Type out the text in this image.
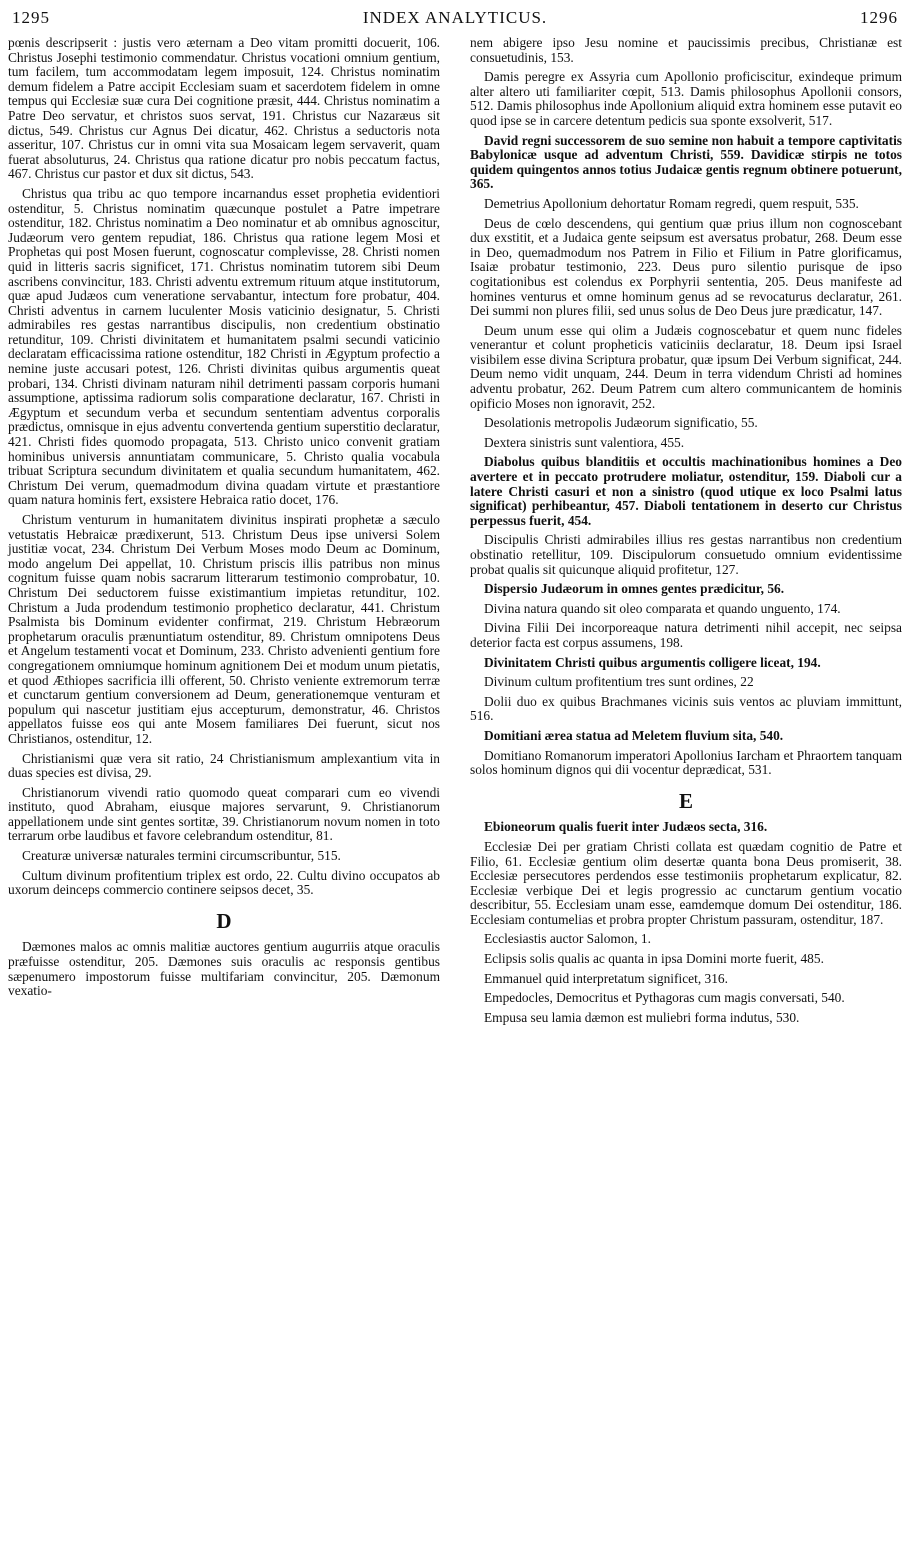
1295	INDEX ANALYTICUS.	1296

pœnis descripserit : justis vero æternam a Deo vitam promitti docuerit, 106. Christus Josephi testimonio commendatur. Christus vocationi omnium gentium, tum facilem, tum accommodatam legem imposuit, 124. Christus nominatim demum fidelem a Patre accipit Ecclesiam suam et sacerdotem fidelem in omne tempus qui Ecclesiæ suæ cura Dei cognitione præsit, 444. Christus nominatim a Patre Deo servatur, et christos suos servat, 191. Christus cur Nazaræus sit dictus, 549. Christus cur Agnus Dei dicatur, 462. Christus a seductoris nota asseritur, 107. Christus cur in omni vita sua Mosaicam legem servaverit, quam fuerat absoluturus, 24. Christus qua ratione dicatur pro nobis peccatum factus, 467. Christus cur pastor et dux sit dictus, 543.

Christus qua tribu ac quo tempore incarnandus esset prophetia evidentiori ostenditur, 5. Christus nominatim quæcunque postulet a Patre impetrare ostenditur, 182. Christus nominatim a Deo nominatur et ab omnibus agnoscitur, Judæorum vero gentem repudiat, 186. Christus qua ratione legem Mosi et Prophetas qui post Mosen fuerunt, cognoscatur complevisse, 28. Christi nomen quid in litteris sacris significet, 171. Christus nominatim tutorem sibi Deum ascribens convincitur, 183. Christi adventu extremum rituum atque institutorum, quæ apud Judæos cum veneratione servabantur, intectum fore probatur, 404. Christi adventus in carnem luculenter Mosis vaticinio designatur, 5. Christi admirabiles res gestas narrantibus discipulis, non credentium obstinatio retunditur, 109. Christi divinitatem et humanitatem psalmi secundi vaticinio declaratam efficacissima ratione ostenditur, 182 Christi in Ægyptum profectio a nemine juste accusari potest, 126. Christi divinitas quibus argumentis queat probari, 134. Christi divinam naturam nihil detrimenti passam corporis humani assumptione, aptissima radiorum solis comparatione declaratur, 167. Christi in Ægyptum et secundum verba et secundum sententiam adventus corporalis prædictus, omnisque in ejus adventu convertenda gentium superstitio declaratur, 421. Christi fides quomodo propagata, 513. Christo unico convenit gratiam hominibus universis annuntiatam communicare, 5. Christo qualia vocabula tribuat Scriptura secundum divinitatem et qualia secundum humanitatem, 462. Christum Dei verum, quemadmodum divina quadam virtute et præstantiore quam natura hominis fert, exsistere Hebraica ratio docet, 176.

Christum venturum in humanitatem divinitus inspirati prophetæ a sæculo vetustatis Hebraicæ prædixerunt, 513. Christum Deus ipse universi Solem justitiæ vocat, 234. Christum Dei Verbum Moses modo Deum ac Dominum, modo angelum Dei appellat, 10. Christum priscis illis patribus non minus cognitum fuisse quam nobis sacrarum litterarum testimonio comprobatur, 10. Christum Dei seductorem fuisse existimantium impietas retunditur, 102. Christum a Juda prodendum testimonio prophetico declaratur, 441. Christum Psalmista bis Dominum evidenter confirmat, 219. Christum Hebræorum prophetarum oraculis prænuntiatum ostenditur, 89. Christum omnipotens Deus et Angelum testamenti vocat et Dominum, 233. Christo advenienti gentium fore congregationem omniumque hominum agnitionem Dei et modum unum pietatis, et quod Æthiopes sacrificia illi offerent, 50. Christo veniente extremorum terræ et cunctarum gentium conversionem ad Deum, generationemque venturam et populum qui nascetur justitiam ejus accepturum, demonstratur, 46. Christos appellatos fuisse eos qui ante Mosem familiares Dei fuerunt, sicut nos Christianos, ostenditur, 12.

Christianismi quæ vera sit ratio, 24 Christianismum amplexantium vita in duas species est divisa, 29.

Christianorum vivendi ratio quomodo queat comparari cum eo vivendi instituto, quod Abraham, eiusque majores servarunt, 9. Christianorum appellationem unde sint gentes sortitæ, 39. Christianorum novum nomen in toto terrarum orbe laudibus et favore celebrandum ostenditur, 81.

Creaturæ universæ naturales termini circumscribuntur, 515.

Cultum divinum profitentium triplex est ordo, 22. Cultu divino occupatos ab uxorum deinceps commercio continere seipsos decet, 35.

D

Dæmones malos ac omnis malitiæ auctores gentium augurriis atque oraculis præfuisse ostenditur, 205. Dæmones suis oraculis ac responsis gentibus sæpenumero impostorum fuisse multifariam convincitur, 205. Dæmonum vexatio-

nem abigere ipso Jesu nomine et paucissimis precibus, Christianæ est consuetudinis, 153.

Damis peregre ex Assyria cum Apollonio proficiscitur, exindeque primum alter altero uti familiariter cœpit, 513. Damis philosophus Apollonii consors, 512. Damis philosophus inde Apollonium aliquid extra hominem esse putavit eo quod ipse se in carcere detentum pedicis sua sponte exsolverit, 517.

David regni successorem de suo semine non habuit a tempore captivitatis Babylonicæ usque ad adventum Christi, 559. Davidicæ stirpis ne totos quidem quingentos annos totius Judaicæ gentis regnum obtinere potuerunt, 365.

Demetrius Apollonium dehortatur Romam regredi, quem respuit, 535.

Deus de cœlo descendens, qui gentium quæ prius illum non cognoscebant dux exstitit, et a Judaica gente seipsum est aversatus probatur, 268. Deum esse in Deo, quemadmodum nos Patrem in Filio et Filium in Patre glorificamus, Isaiæ probatur testimonio, 223. Deus puro silentio purisque de ipso cogitationibus est colendus ex Porphyrii sententia, 205. Deus manifeste ad homines venturus et omne hominum genus ad se revocaturus declaratur, 261. Dei summi non plures filii, sed unus solus de Deo Deus jure prædicatur, 147.

Deum unum esse qui olim a Judæis cognoscebatur et quem nunc fideles venerantur et colunt propheticis vaticiniis declaratur, 18. Deum ipsi Israel visibilem esse divina Scriptura probatur, quæ ipsum Dei Verbum significat, 244. Deum nemo vidit unquam, 244. Deum in terra videndum Christi ad homines adventu probatur, 262. Deum Patrem cum altero communicantem de hominis opificio Moses non ignoravit, 252.

Desolationis metropolis Judæorum significatio, 55.

Dextera sinistris sunt valentiora, 455.

Diabolus quibus blanditiis et occultis machinationibus homines a Deo avertere et in peccato protrudere moliatur, ostenditur, 159. Diaboli cur a latere Christi casuri et non a sinistro (quod utique ex loco Psalmi latus significat) perhibeantur, 457. Diaboli tentationem in deserto cur Christus perpessus fuerit, 454.

Discipulis Christi admirabiles illius res gestas narrantibus non credentium obstinatio retellitur, 109. Discipulorum consuetudo omnium evidentissime probat qualis sit quicunque aliquid profitetur, 127.

Dispersio Judæorum in omnes gentes prædicitur, 56.

Divina natura quando sit oleo comparata et quando unguento, 174.

Divina Filii Dei incorporeaque natura detrimenti nihil accepit, nec seipsa deterior facta est corpus assumens, 198.

Divinitatem Christi quibus argumentis colligere liceat, 194.

Divinum cultum profitentium tres sunt ordines, 22

Dolii duo ex quibus Brachmanes vicinis suis ventos ac pluviam immittunt, 516.

Domitiani ærea statua ad Meletem fluvium sita, 540.

Domitiano Romanorum imperatori Apollonius Iarcham et Phraortem tanquam solos hominum dignos qui dii vocentur deprædicat, 531.

E

Ebioneorum qualis fuerit inter Judæos secta, 316.

Ecclesiæ Dei per gratiam Christi collata est quædam cognitio de Patre et Filio, 61. Ecclesiæ gentium olim desertæ quanta bona Deus promiserit, 38. Ecclesiæ persecutores perdendos esse testimoniis prophetarum explicatur, 82. Ecclesiæ verbique Dei et legis progressio ac cunctarum gentium vocatio describitur, 55. Ecclesiam unam esse, eamdemque domum Dei ostenditur, 186. Ecclesiam contumelias et probra propter Christum passuram, ostenditur, 187.

Ecclesiastis auctor Salomon, 1.

Eclipsis solis qualis ac quanta in ipsa Domini morte fuerit, 485.

Emmanuel quid interpretatum significet, 316.

Empedocles, Democritus et Pythagoras cum magis conversati, 540.

Empusa seu lamia dæmon est muliebri forma indutus, 530.
